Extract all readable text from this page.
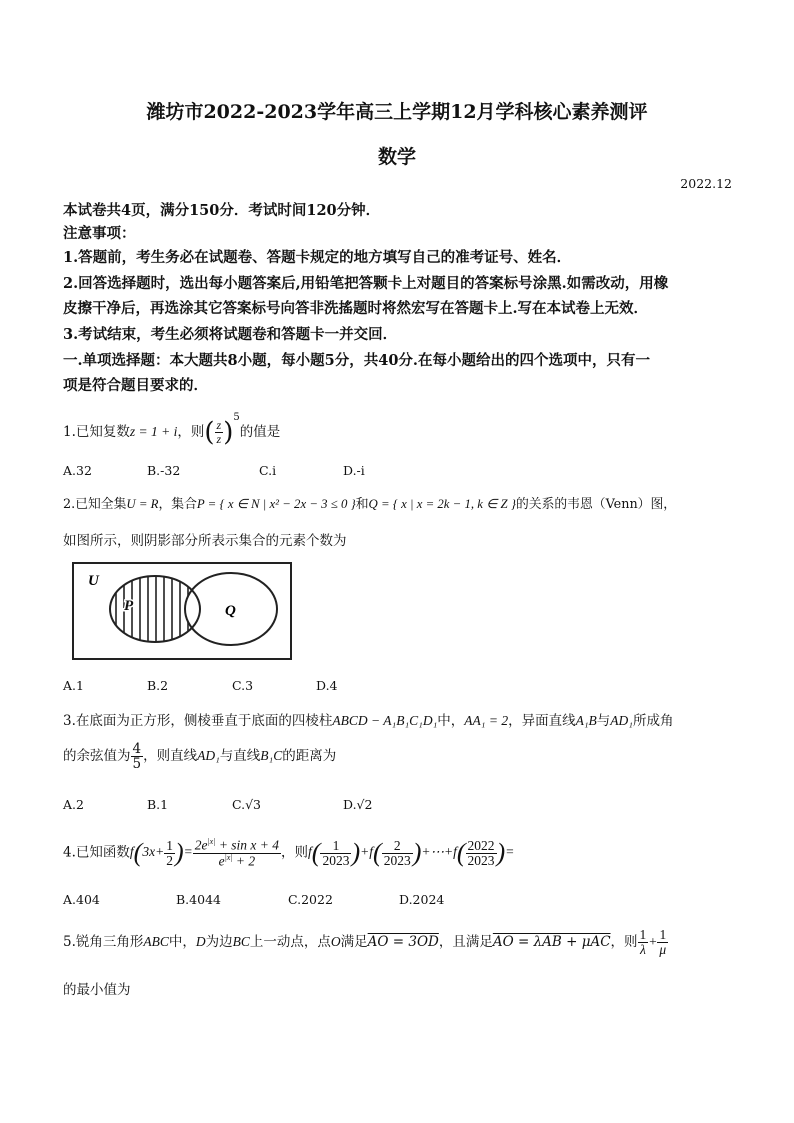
潍坊市2022-2023学年高三上学期12月学科核心素养测评
数学
2022.12
本试卷共4页，满分150分．考试时间120分钟．
注意事项：
1.答题前，考生务必在试题卷、答题卡规定的地方填写自己的准考证号、姓名．
2.回答选择题时，选出每小题答案后,用铅笔把答颗卡上对题目的答案标号涂黑.如需改动，用橡
皮擦干净后，再选涂其它答案标号向答非洗搖题时将然宏写在答题卡上.写在本试卷上无效．
3.考试结束，考生必须将试题卷和答题卡一并交回．
一.单项选择题：本大题共8小题，每小题5分，共40分.在每小题给出的四个选项中，只有一
项是符合题目要求的．
1.已知复数z = 1 + i，则( $\frac{z}{z} )^5$的值是
A.32	B.-32	C.i	D.-i
2.已知全集U = R，集合P = { x ∈ N | x² − 2x − 3 ≤ 0 }和Q = { x | x = 2k − 1, k ∈ Z }的关系的韦恩（Venn）图，
如图所示，则阴影部分所表示集合的元素个数为
U
P	Q
A.1	B.2	C.3	D.4
3.在底面为正方形，侧棱垂直于底面的四棱柱ABCD − A₁B₁C₁D₁中，AA₁ = 2，异面直线A₁B与AD₁所成角
的余弦值为 $\frac{4}{5}$ ，则直线AD₁与直线B₁C的距离为
A.2	B.1	C.√3	D.√2
4.已知函数$f(3x+ \frac{1}{2}$ )= $\frac{2e^{|x|} + \sin x + 4}{e^{|x|} + 2}$ ，则$f( \frac{1}{2023} )+f( \frac{2}{2023}$ )+⋯+f( $\frac{2022}{2023}$ )=
A.404	B.4044	C.2022	D.2024
5.锐角三角形ABC中，D为边BC上一动点，点O满足AO = 3OD，且满足AO = λAB + μAC，则 $\frac{1}{\lambda} + \frac{1}{\mu}$
的最小值为
